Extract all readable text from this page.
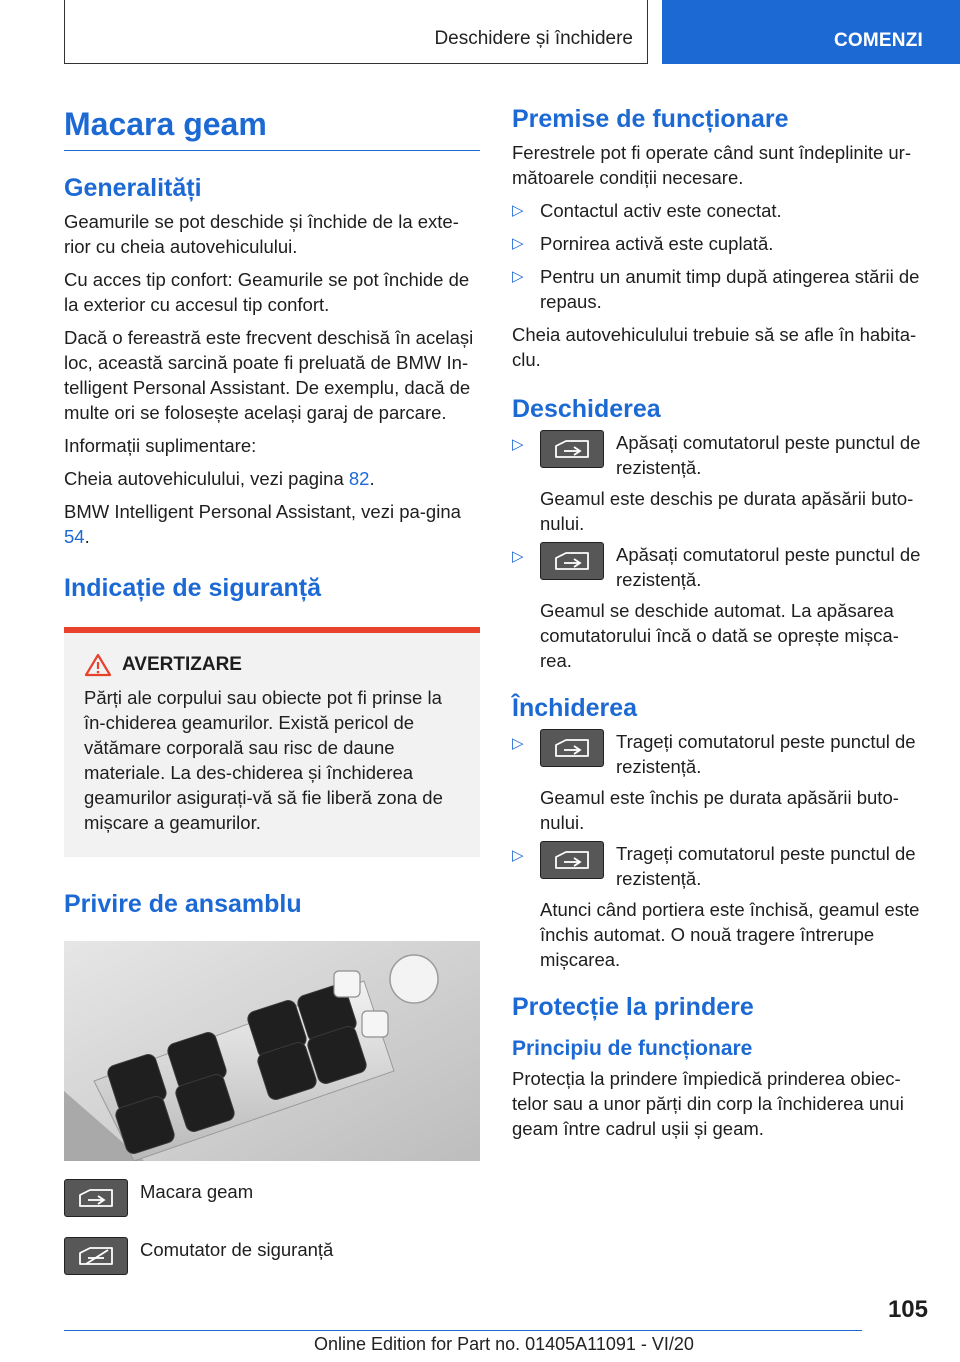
Deschidere și închidere	COMENZI
Macara geam
Generalități

Geamurile se pot deschide și închide de la exte-rior cu cheia autovehiculului.

Cu acces tip confort: Geamurile se pot închide de la exterior cu accesul tip confort.

Dacă o fereastră este frecvent deschisă în același loc, această sarcină poate fi preluată de BMW In-telligent Personal Assistant. De exemplu, dacă de multe ori se folosește același garaj de parcare.

Informații suplimentare:

Cheia autovehiculului, vezi pagina 82.

BMW Intelligent Personal Assistant, vezi pa-gina 54.

Indicație de siguranță
AVERTIZARE

Părți ale corpului sau obiecte pot fi prinse la în-chiderea geamurilor. Există pericol de vătămare corporală sau risc de daune materiale. La des-chiderea și închiderea geamurilor asigurați-vă să fie liberă zona de mișcare a geamurilor.

Privire de ansamblu

Macara geam

Comutator de siguranță

Premise de funcționare

Ferestrele pot fi operate când sunt îndeplinite ur-mătoarele condiții necesare.

▷ Contactul activ este conectat.

▷ Pornirea activă este cuplată.

▷ Pentru un anumit timp după atingerea stării de repaus.

Cheia autovehiculului trebuie să se afle în habita-clu.

Deschiderea
▷	Apăsați comutatorul peste punctul de rezistență.

Geamul este deschis pe durata apăsării buto-nului.

▷	Apăsați comutatorul peste punctul de rezistență.

Geamul se deschide automat. La apăsarea comutatorului încă o dată se oprește mișca-rea.

Închiderea
▷	Trageți comutatorul peste punctul de rezistență.

Geamul este închis pe durata apăsării buto-nului.

▷	Trageți comutatorul peste punctul de rezistență.

Atunci când portiera este închisă, geamul este închis automat. O nouă tragere întrerupe mișcarea.

Protecție la prindere
Principiu de funcționare

Protecția la prindere împiedică prinderea obiec-telor sau a unor părți din corp la închiderea unui geam între cadrul ușii și geam.

105
Online Edition for Part no. 01405A11091 - VI/20
